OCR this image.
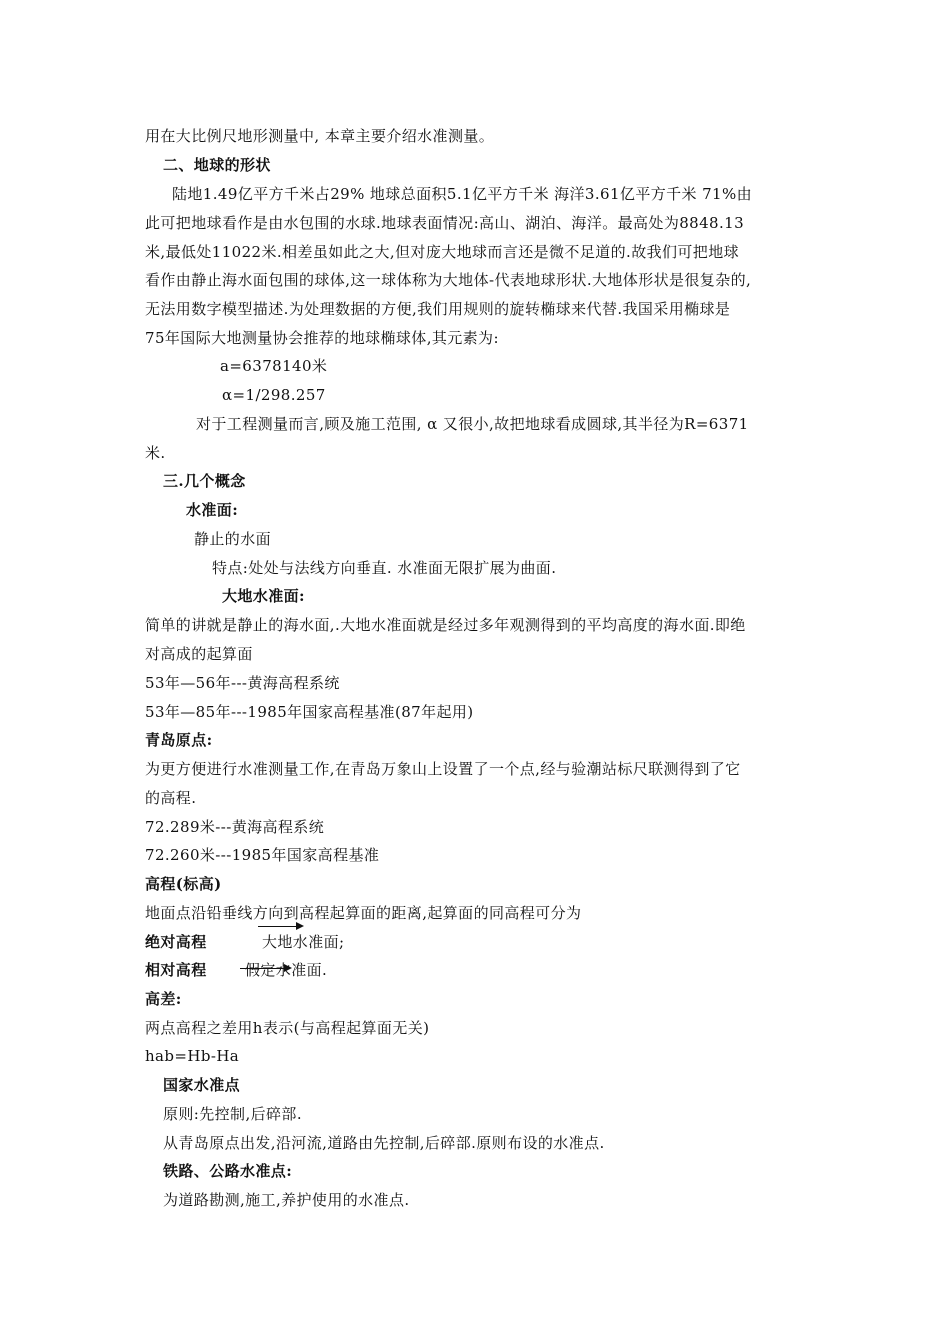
用在大比例尺地形测量中, 本章主要介绍水准测量。
二、地球的形状
陆地1.49亿平方千米占29% 地球总面积5.1亿平方千米 海洋3.61亿平方千米 71%由
此可把地球看作是由水包围的水球.地球表面情况:高山、湖泊、海洋。最高处为8848.13
米,最低处11022米.相差虽如此之大,但对庞大地球而言还是微不足道的.故我们可把地球
看作由静止海水面包围的球体,这一球体称为大地体-代表地球形状.大地体形状是很复杂的,
无法用数字模型描述.为处理数据的方便,我们用规则的旋转椭球来代替.我国采用椭球是
75年国际大地测量协会推荐的地球椭球体,其元素为:
a=6378140米
α=1/298.257
对于工程测量而言,顾及施工范围, α 又很小,故把地球看成圆球,其半径为R=6371
米.
三.几个概念
水准面:
静止的水面
特点:处处与法线方向垂直. 水准面无限扩展为曲面.
大地水准面:
简单的讲就是静止的海水面,.大地水准面就是经过多年观测得到的平均高度的海水面.即绝
对高成的起算面
53年—56年---黄海高程系统
53年—85年---1985年国家高程基准(87年起用)
青岛原点:
为更方便进行水准测量工作,在青岛万象山上设置了一个点,经与验潮站标尺联测得到了它
的高程.
72.289米---黄海高程系统
72.260米---1985年国家高程基准
高程(标高)
地面点沿铅垂线方向到高程起算面的距离,起算面的同高程可分为
绝对高程	大地水准面;
相对高程	假定水准面.
高差:
两点高程之差用h表示(与高程起算面无关)
hab=Hb-Ha
国家水准点
原则:先控制,后碎部.
从青岛原点出发,沿河流,道路由先控制,后碎部.原则布设的水准点.
铁路、公路水准点:
为道路勘测,施工,养护使用的水准点.
